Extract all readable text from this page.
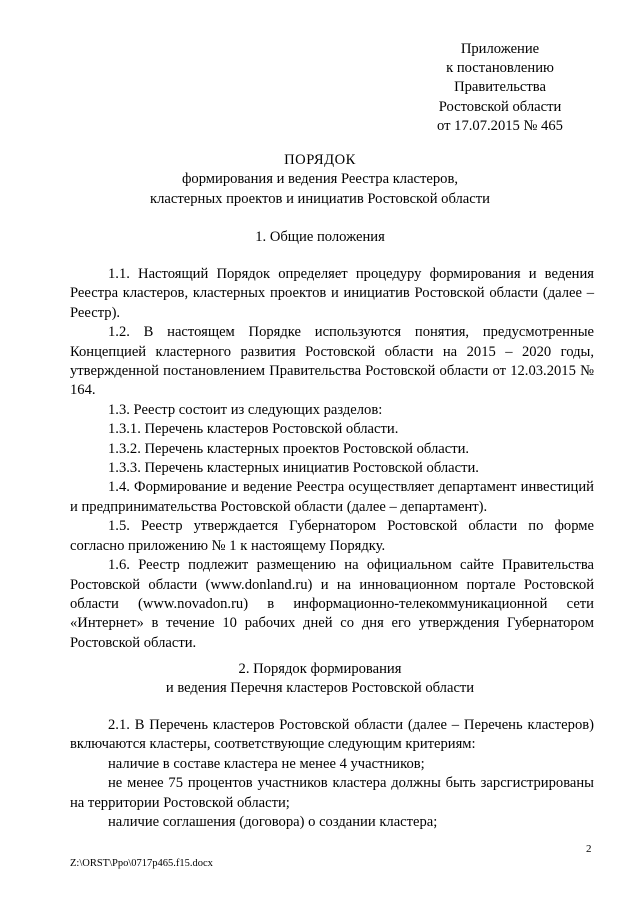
Приложение
к постановлению
Правительства
Ростовской области
от 17.07.2015 № 465
ПОРЯДОК
формирования и ведения Реестра кластеров,
кластерных проектов и инициатив Ростовской области
1. Общие положения

1.1. Настоящий Порядок определяет процедуру формирования и ведения Реестра кластеров, кластерных проектов и инициатив Ростовской области (далее – Реестр).

1.2. В настоящем Порядке используются понятия, предусмотренные Концепцией кластерного развития Ростовской области на 2015 – 2020 годы, утвержденной постановлением Правительства Ростовской области от 12.03.2015 № 164.

1.3. Реестр состоит из следующих разделов:

1.3.1. Перечень кластеров Ростовской области.

1.3.2. Перечень кластерных проектов Ростовской области.

1.3.3. Перечень кластерных инициатив Ростовской области.

1.4. Формирование и ведение Реестра осуществляет департамент инвестиций и предпринимательства Ростовской области (далее – департамент).

1.5. Реестр утверждается Губернатором Ростовской области по форме согласно приложению № 1 к настоящему Порядку.

1.6. Реестр подлежит размещению на официальном сайте Правительства Ростовской области (www.donland.ru) и на инновационном портале Ростовской области (www.novadon.ru) в информационно-телекоммуникационной сети «Интернет» в течение 10 рабочих дней со дня его утверждения Губернатором Ростовской области.

2. Порядок формирования
и ведения Перечня кластеров Ростовской области

2.1. В Перечень кластеров Ростовской области (далее – Перечень кластеров) включаются кластеры, соответствующие следующим критериям:

наличие в составе кластера не менее 4 участников;

не менее 75 процентов участников кластера должны быть зарсгистрированы на территории Ростовской области;

наличие соглашения (договора) о создании кластера;

2
Z:\ORST\Ppo\0717p465.f15.docx
